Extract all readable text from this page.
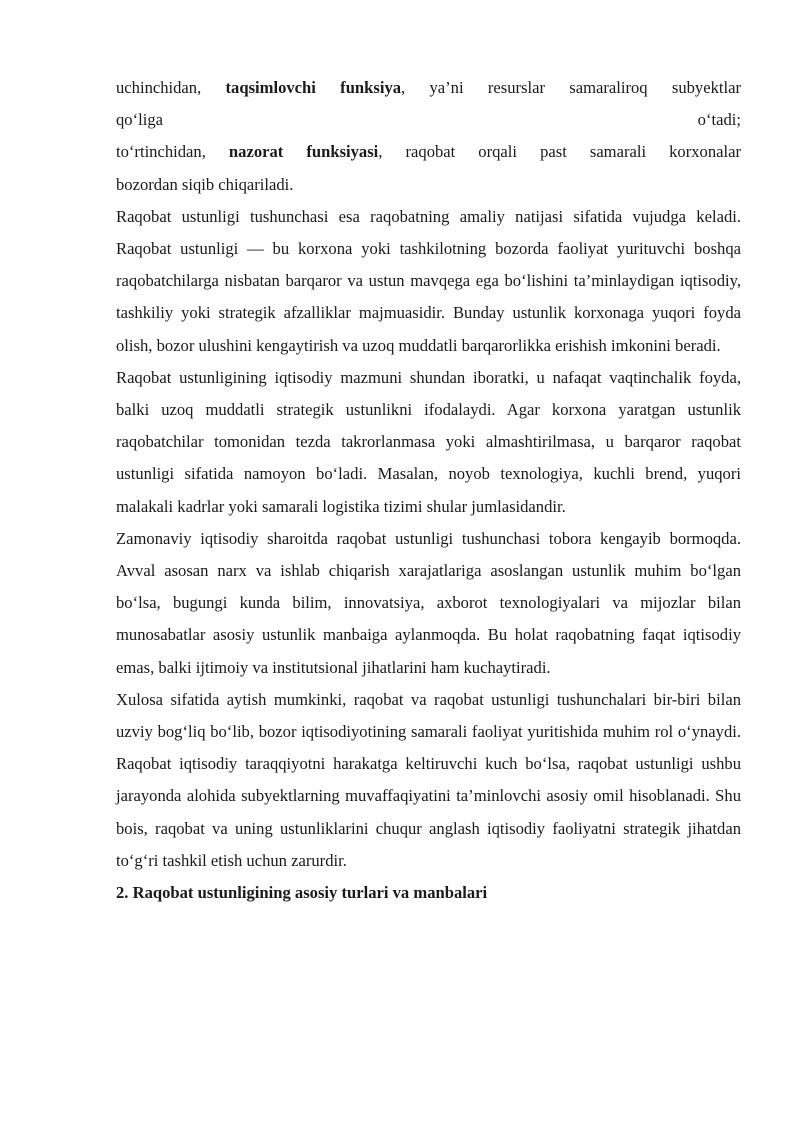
uchinchidan, taqsimlovchi funksiya, ya’ni resurslar samaraliroq subyektlar
qo‘liga	o‘tadi;
to‘rtinchidan, nazorat funksiyasi, raqobat orqali past samarali korxonalar
bozordan siqib chiqariladi.

Raqobat ustunligi tushunchasi esa raqobatning amaliy natijasi sifatida vujudga keladi. Raqobat ustunligi — bu korxona yoki tashkilotning bozorda faoliyat yurituvchi boshqa raqobatchilarga nisbatan barqaror va ustun mavqega ega bo‘lishini ta’minlaydigan iqtisodiy, tashkiliy yoki strategik afzalliklar majmuasidir. Bunday ustunlik korxonaga yuqori foyda olish, bozor ulushini kengaytirish va uzoq muddatli barqarorlikka erishish imkonini beradi.

Raqobat ustunligining iqtisodiy mazmuni shundan iboratki, u nafaqat vaqtinchalik foyda, balki uzoq muddatli strategik ustunlikni ifodalaydi. Agar korxona yaratgan ustunlik raqobatchilar tomonidan tezda takrorlanmasa yoki almashtirilmasa, u barqaror raqobat ustunligi sifatida namoyon bo‘ladi. Masalan, noyob texnologiya, kuchli brend, yuqori malakali kadrlar yoki samarali logistika tizimi shular jumlasidandir.

Zamonaviy iqtisodiy sharoitda raqobat ustunligi tushunchasi tobora kengayib bormoqda. Avval asosan narx va ishlab chiqarish xarajatlariga asoslangan ustunlik muhim bo‘lgan bo‘lsa, bugungi kunda bilim, innovatsiya, axborot texnologiyalari va mijozlar bilan munosabatlar asosiy ustunlik manbaiga aylanmoqda. Bu holat raqobatning faqat iqtisodiy emas, balki ijtimoiy va institutsional jihatlarini ham kuchaytiradi.

Xulosa sifatida aytish mumkinki, raqobat va raqobat ustunligi tushunchalari bir-biri bilan uzviy bog‘liq bo‘lib, bozor iqtisodiyotining samarali faoliyat yuritishida muhim rol o‘ynaydi. Raqobat iqtisodiy taraqqiyotni harakatga keltiruvchi kuch bo‘lsa, raqobat ustunligi ushbu jarayonda alohida subyektlarning muvaffaqiyatini ta’minlovchi asosiy omil hisoblanadi. Shu bois, raqobat va uning ustunliklarini chuqur anglash iqtisodiy faoliyatni strategik jihatdan to‘g‘ri tashkil etish uchun zarurdir.

2. Raqobat ustunligining asosiy turlari va manbalari
